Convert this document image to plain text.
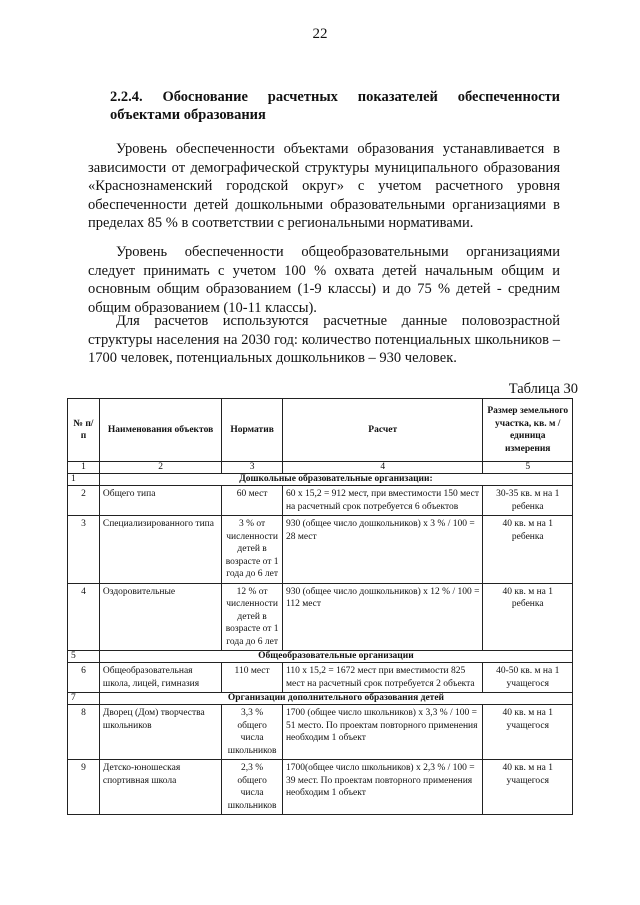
22
2.2.4. Обоснование расчетных показателей обеспеченности объектами образования

Уровень обеспеченности объектами образования устанавливается в зависимости от демографической структуры муниципального образования «Краснознаменский городской округ» с учетом расчетного уровня обеспеченности детей дошкольными образовательными организациями в пределах 85 % в соответствии с региональными нормативами.

Уровень обеспеченности общеобразовательными организациями следует принимать с учетом 100 % охвата детей начальным общим и основным общим образованием (1-9 классы) и до 75 % детей - средним общим образованием (10-11 классы).

Для расчетов используются расчетные данные половозрастной структуры населения на 2030 год: количество потенциальных школьников – 1700 человек, потенциальных дошкольников – 930 человек.

Таблица 30
№ п/п	Наименования объектов	Норматив	Расчет	Размер земельного участка, кв. м / единица измерения
1	2	3	4	5
1	Дошкольные образовательные организации:			
2	Общего типа	60 мест	60 х 15,2 = 912 мест, при вместимости 150 мест на расчетный срок потребуется 6 объектов	30-35 кв. м на 1 ребенка
3	Специализированного типа	3 % от численности детей в возрасте от 1 года до 6 лет	930 (общее число дошкольников) х 3 % / 100 = 28 мест	40 кв. м на 1 ребенка
4	Оздоровительные	12 % от численности детей в возрасте от 1 года до 6 лет	930 (общее число дошкольников) х 12 % / 100 = 112 мест	40 кв. м на 1 ребенка
5	Общеобразовательные организации			
6	Общеобразовательная школа, лицей, гимназия	110 мест	110 х 15,2 = 1672 мест при вместимости 825 мест на расчетный срок потребуется 2 объекта	40-50 кв. м на 1 учащегося
7	Организации дополнительного образования детей			
8	Дворец (Дом) творчества школьников	3,3 % общего числа школьников	1700 (общее число школьников) х 3,3 % / 100 = 51 место. По проектам повторного применения необходим 1 объект	40 кв. м на 1 учащегося
9	Детско-юношеская спортивная школа	2,3 % общего числа школьников	1700(общее число школьников) х 2,3 % / 100 = 39 мест. По проектам повторного применения необходим 1 объект	40 кв. м на 1 учащегося
